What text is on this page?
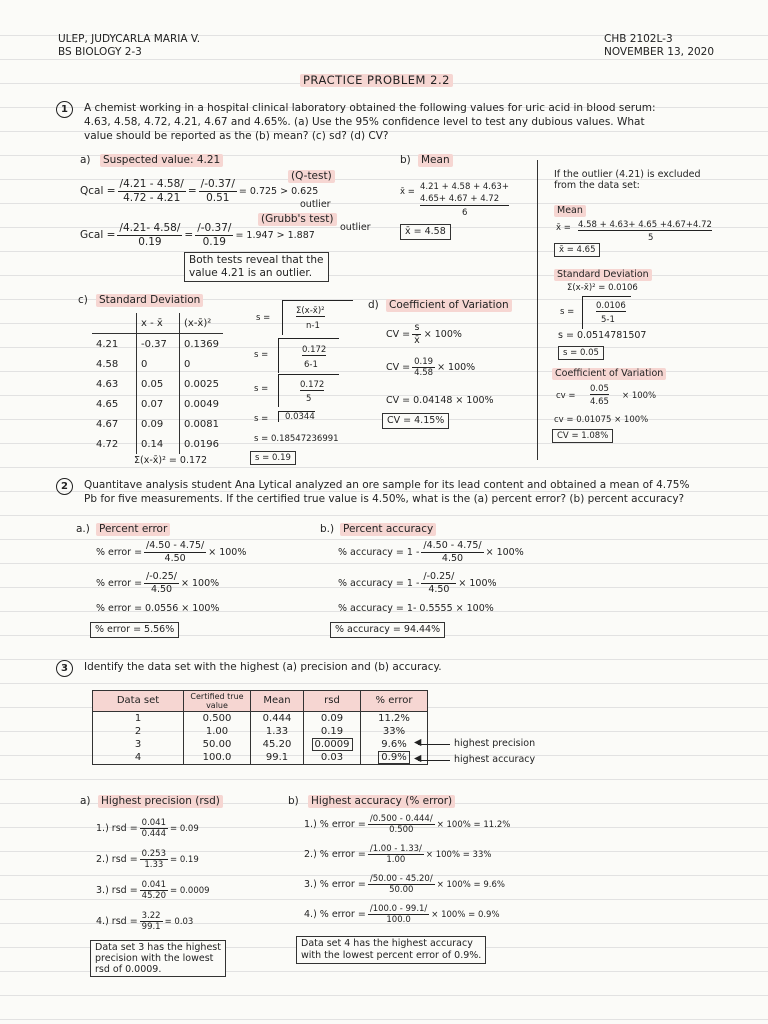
ULEP, JUDYCARLA MARIA V.
BS BIOLOGY 2-3
CHB 2102L-3
NOVEMBER 13, 2020
PRACTICE PROBLEM 2.2
1	A chemist working in a hospital clinical laboratory obtained the following values for uric acid in blood serum:
4.63, 4.58, 4.72, 4.21, 4.67 and 4.65%. (a) Use the 95% confidence level to test any dubious values. What
value should be reported as the (b) mean? (c) sd? (d) CV?
a) Suspected value: 4.21
(Q-test)
Qcal = $\frac{/4.21 - 4.58/}{4.72 - 4.21} = \frac{/-0.37/}{0.51} = 0.725 > 0.625$
outlier
(Grubb's test)
Gcal = $\frac{/4.21- 4.58/}{0.19} = \frac{/-0.37/}{0.19} = 1.947 > 1.887$
outlier
Both tests reveal that the
value 4.21 is an outlier.
b) Mean
x̄ = 4.21 + 4.58 + 4.63+
4.65+ 4.67 + 4.72
6
x̄ = 4.58
If the outlier (4.21) is excluded
from the data set:
Mean
x̄ = 4.58 + 4.63+ 4.65 +4.67+4.72
5
x̄ = 4.65
Standard Deviation
Σ(x-x̄)² = 0.0106
s =
0.0106
5-1
s = 0.0514781507
s = 0.05
Coefficient of Variation
cv =
0.05
4.65
× 100%
cv = 0.01075 × 100%
CV = 1.08%
c) Standard Deviation
	x - x̄	(x-x̄)²
4.21	-0.37	0.1369
4.58	0	0
4.63	0.05	0.0025
4.65	0.07	0.0049
4.67	0.09	0.0081
4.72	0.14	0.0196
Σ(x-x̄)² = 0.172
s =
Σ(x-x̄)²
n-1
s =	0.172
6-1
s =	0.172
5
s =	0.0344
s = 0.18547236991
s = 0.19
d) Coefficient of Variation
CV = $\frac{s}{x̄} \times 100\%$
CV = $\frac{0.19}{4.58} \times 100\%$
CV = 0.04148 × 100%
CV = 4.15%
2	Quantitave analysis student Ana Lytical analyzed an ore sample for its lead content and obtained a mean of 4.75%
Pb for five measurements. If the certified true value is 4.50%, what is the (a) percent error? (b) percent accuracy?
a.) Percent error
% error = $\frac{/4.50 - 4.75/}{4.50} \times 100\%$
% error = $\frac{/-0.25/}{4.50} \times 100\%$
% error = 0.0556 × 100%
% error = 5.56%
b.) Percent accuracy
% accuracy = $1 - \frac{/4.50 - 4.75/}{4.50} \times 100\%$
% accuracy = $1 - \frac{/-0.25/}{4.50} \times 100\%$
% accuracy = 1- 0.5555 × 100%
% accuracy = 94.44%
3	Identify the data set with the highest (a) precision and (b) accuracy.
Data set	Certified true value	Mean	rsd	% error
1	0.500	0.444	0.09	11.2%
2	1.00	1.33	0.19	33%
3	50.00	45.20	0.0009	9.6%
4	100.0	99.1	0.03	0.9%
◀	highest precision
◀	highest accuracy
a) Highest precision (rsd)
1.) rsd = $\frac{0.041}{0.444} = 0.09$
2.) rsd = $\frac{0.253}{1.33} = 0.19$
3.) rsd = $\frac{0.041}{45.20} = 0.0009$
4.) rsd = $\frac{3.22}{99.1} = 0.03$
Data set 3 has the highest
precision with the lowest
rsd of 0.0009.
b) Highest accuracy (% error)
1.) % error = $\frac{/0.500 - 0.444/}{0.500} \times 100\% = 11.2\%$
2.) % error = $\frac{/1.00 - 1.33/}{1.00} \times 100\% = 33\%$
3.) % error = $\frac{/50.00 - 45.20/}{50.00} \times 100\% = 9.6\%$
4.) % error = $\frac{/100.0 - 99.1/}{100.0} \times 100\% = 0.9\%$
Data set 4 has the highest accuracy
with the lowest percent error of 0.9%.
